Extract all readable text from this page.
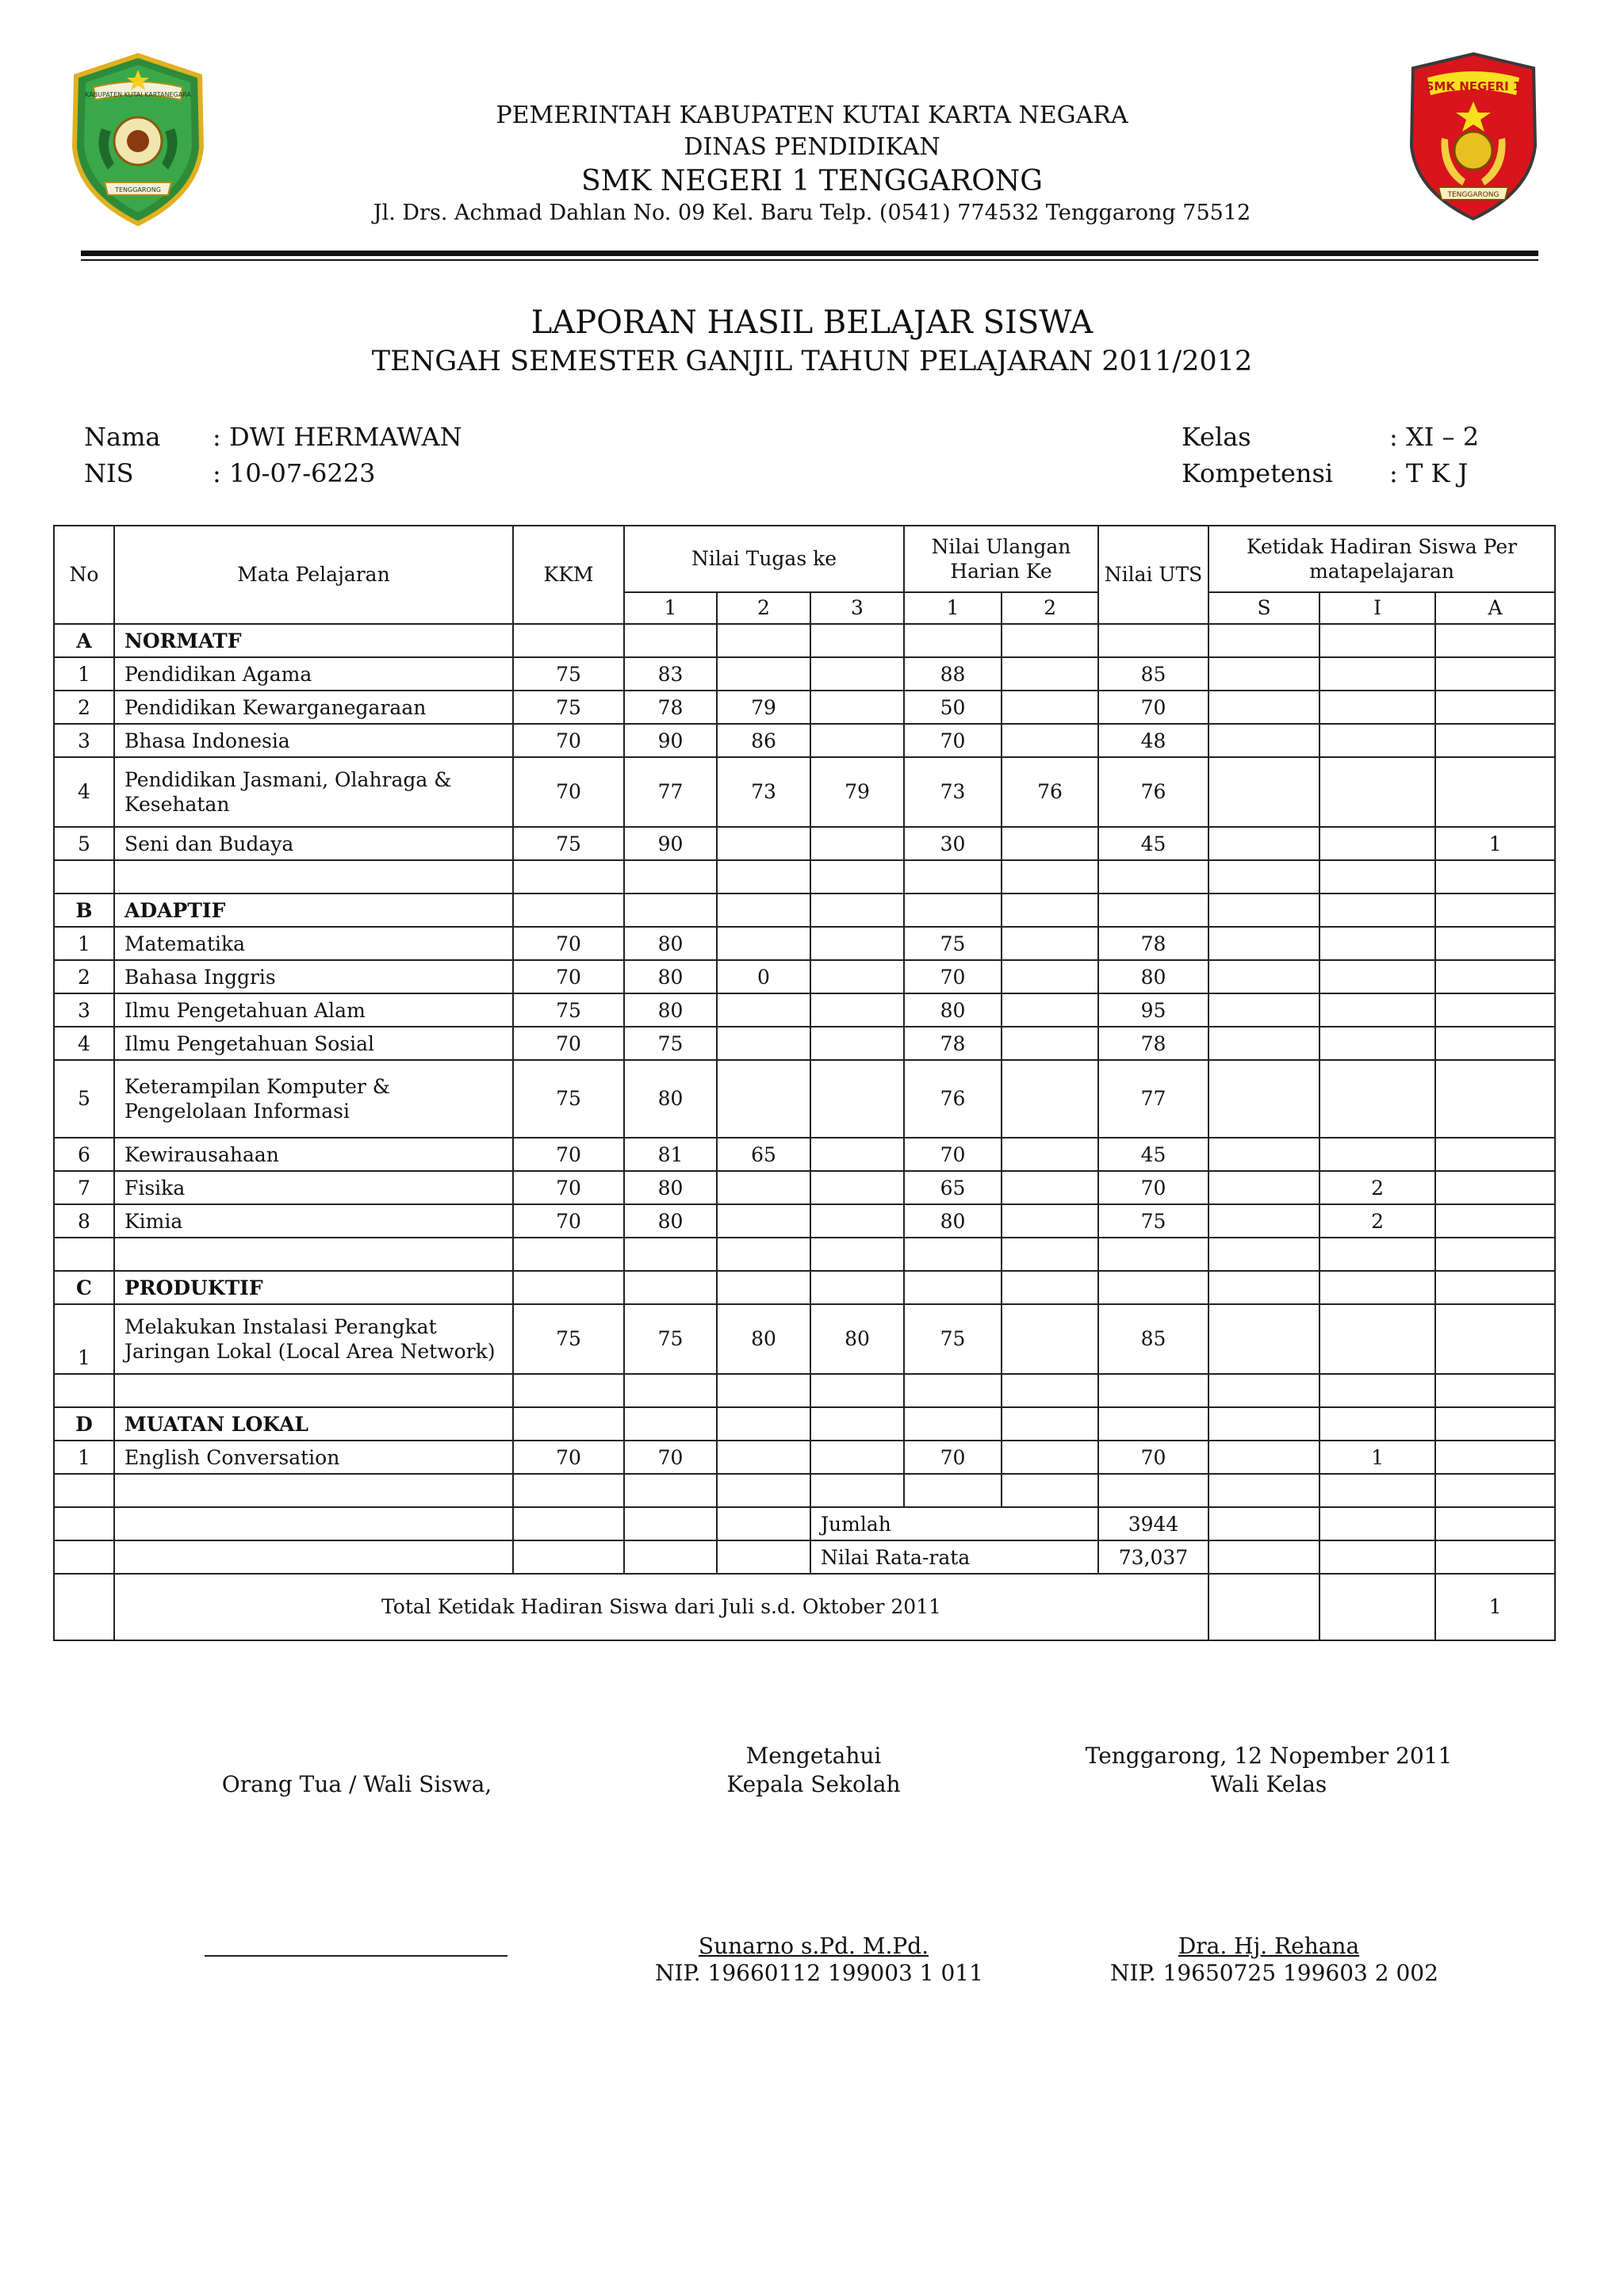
KABUPATEN KUTAI KARTANEGARA
TENGGARONG
SMK NEGERI 1
TENGGARONG
PEMERINTAH KABUPATEN KUTAI KARTA NEGARA
DINAS PENDIDIKAN
SMK NEGERI 1 TENGGARONG
Jl. Drs. Achmad Dahlan No. 09 Kel. Baru Telp. (0541) 774532 Tenggarong 75512
LAPORAN HASIL BELAJAR SISWA
TENGAH SEMESTER GANJIL TAHUN PELAJARAN 2011/2012
Nama : DWI HERMAWAN
NIS	: 10-07-6223
Kelas	: XI – 2
Kompetensi : T K J
No	Mata Pelajaran	KKM	Nilai Tugas ke			Nilai Ulangan Harian Ke		Nilai UTS	Ketidak Hadiran Siswa Per matapelajaran		
			1	2	3	1	2		S	I	A
A	NORMATF										
1	Pendidikan Agama	75	83			88		85			
2	Pendidikan Kewarganegaraan	75	78	79		50		70			
3	Bhasa Indonesia	70	90	86		70		48			
4	Pendidikan Jasmani, Olahraga & Kesehatan	70	77	73	79	73	76	76			
5	Seni dan Budaya	75	90			30		45			1

B	ADAPTIF										
1	Matematika	70	80			75		78			
2	Bahasa Inggris	70	80	0		70		80			
3	Ilmu Pengetahuan Alam	75	80			80		95			
4	Ilmu Pengetahuan Sosial	70	75			78		78			
5	Keterampilan Komputer & Pengelolaan Informasi	75	80			76		77			
6	Kewirausahaan	70	81	65		70		45			
7	Fisika	70	80			65		70		2	
8	Kimia	70	80			80		75		2	

C	PRODUKTIF										
1	Melakukan Instalasi Perangkat Jaringan Lokal (Local Area Network)	75	75	80	80	75		85			

D	MUATAN LOKAL										
1	English Conversation	70	70			70		70		1	

					Jumlah			3944			
					Nilai Rata-rata			73,037			
	Total Ketidak Hadiran Siswa dari Juli s.d. Oktober 2011										1
Orang Tua / Wali Siswa,
Mengetahui
Kepala Sekolah
Tenggarong, 12 Nopember 2011
Wali Kelas
Sunarno s.Pd. M.Pd.
NIP. 19660112 199003 1 011
Dra. Hj. Rehana
NIP. 19650725 199603 2 002
